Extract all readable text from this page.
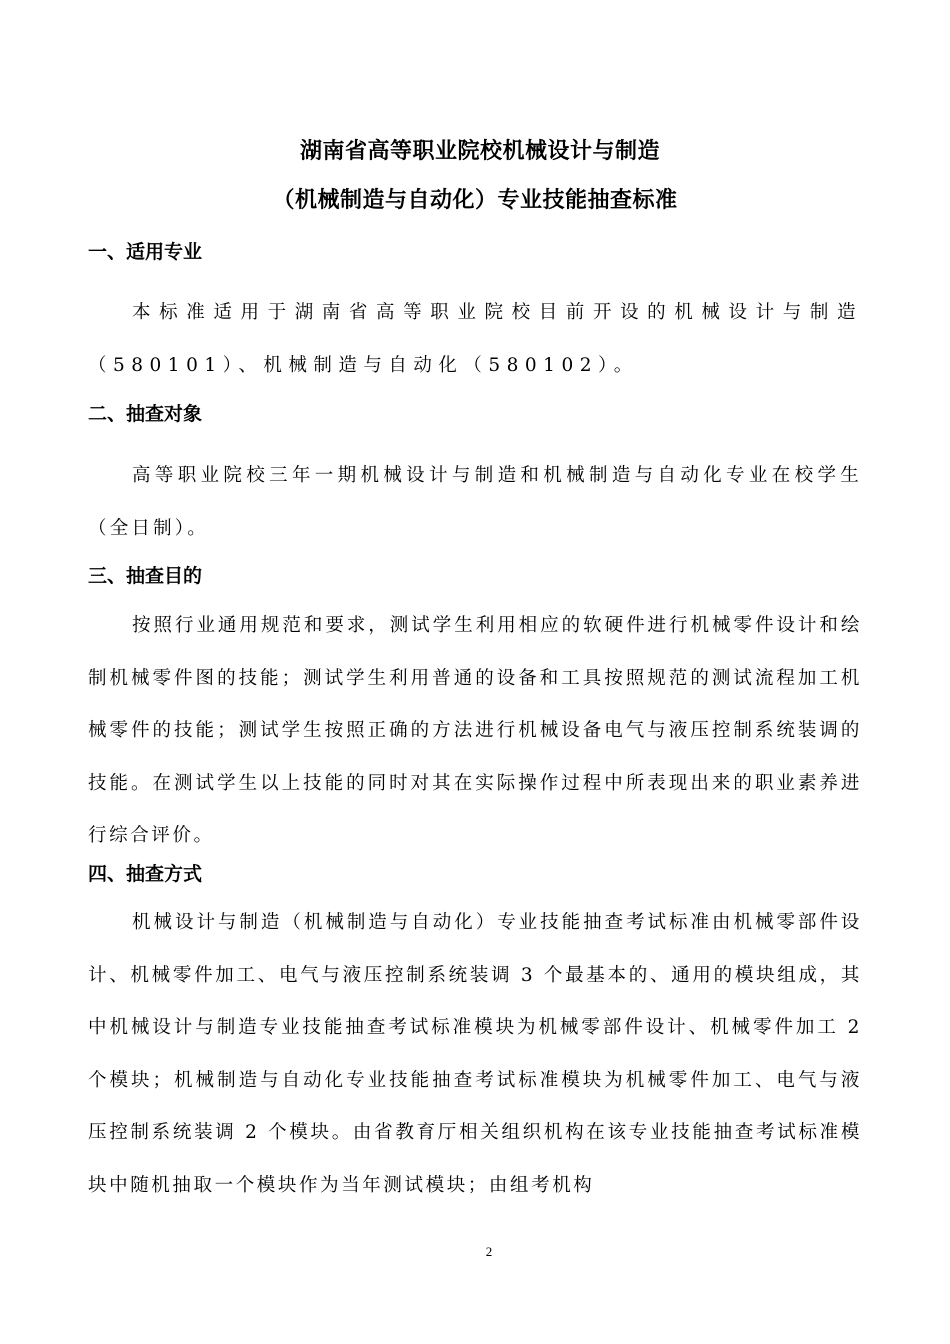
湖南省高等职业院校机械设计与制造
（机械制造与自动化）专业技能抽查标准
一、适用专业

本标准适用于湖南省高等职业院校目前开设的机械设计与制造（580101）、机械制造与自动化（580102）。

二、抽查对象

高等职业院校三年一期机械设计与制造和机械制造与自动化专业在校学生（全日制）。

三、抽查目的

按照行业通用规范和要求，测试学生利用相应的软硬件进行机械零件设计和绘制机械零件图的技能；测试学生利用普通的设备和工具按照规范的测试流程加工机械零件的技能；测试学生按照正确的方法进行机械设备电气与液压控制系统装调的技能。在测试学生以上技能的同时对其在实际操作过程中所表现出来的职业素养进行综合评价。

四、抽查方式

机械设计与制造（机械制造与自动化）专业技能抽查考试标准由机械零部件设计、机械零件加工、电气与液压控制系统装调 3 个最基本的、通用的模块组成，其中机械设计与制造专业技能抽查考试标准模块为机械零部件设计、机械零件加工 2 个模块；机械制造与自动化专业技能抽查考试标准模块为机械零件加工、电气与液压控制系统装调 2 个模块。由省教育厅相关组织机构在该专业技能抽查考试标准模块中随机抽取一个模块作为当年测试模块；由组考机构

2
